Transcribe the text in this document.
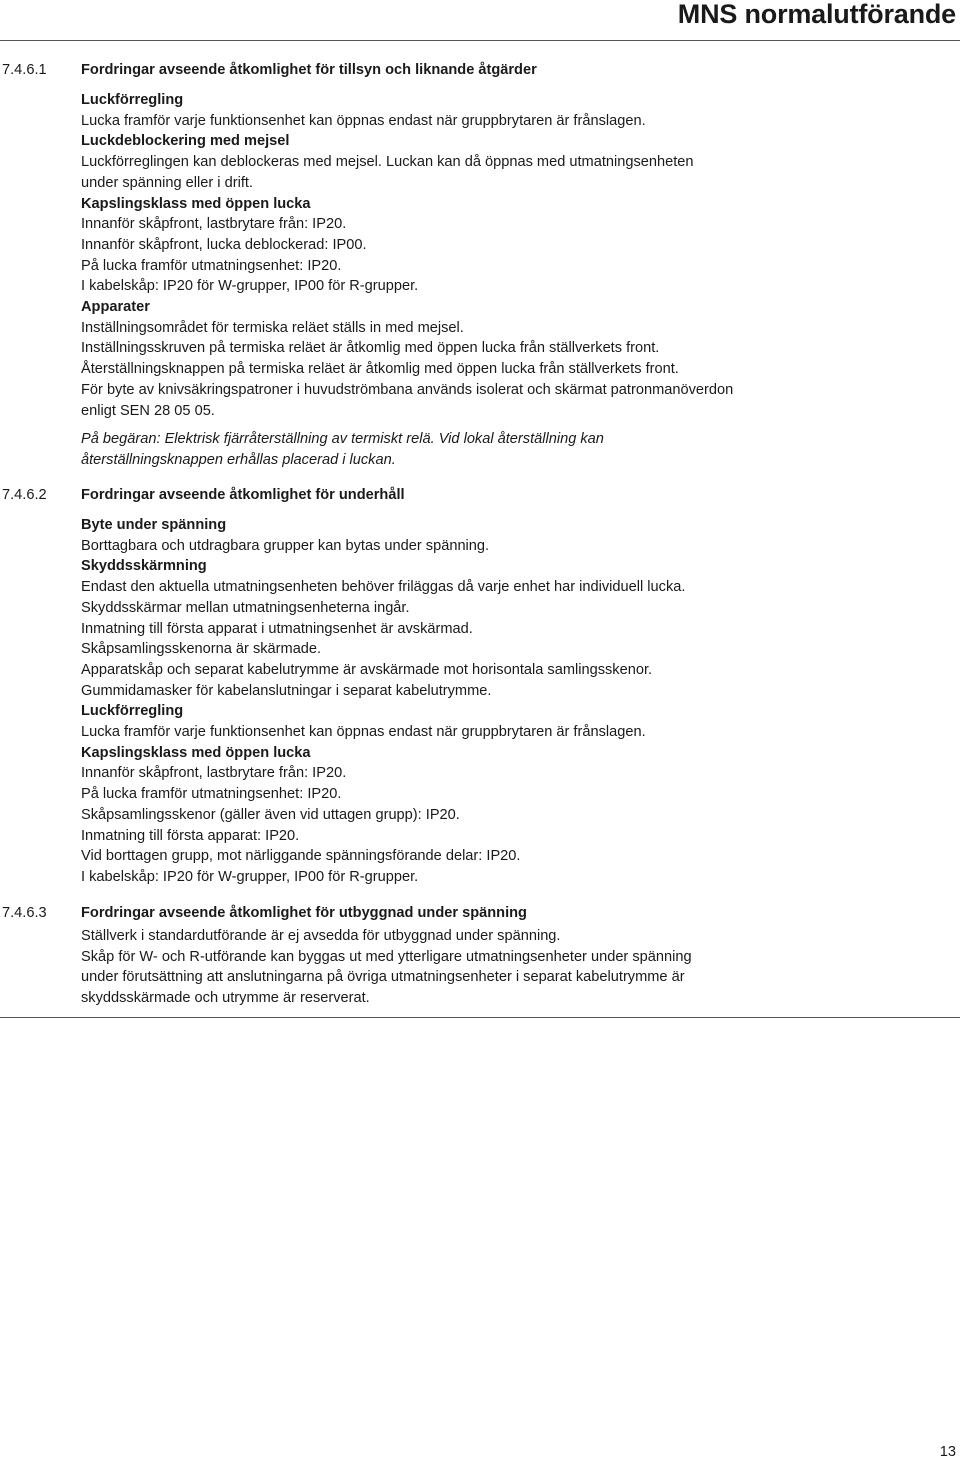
MNS normalutförande
7.4.6.1 Fordringar avseende åtkomlighet för tillsyn och liknande åtgärder
Luckförregling
Lucka framför varje funktionsenhet kan öppnas endast när gruppbrytaren är frånslagen.
Luckdeblockering med mejsel
Luckförreglingen kan deblockeras med mejsel. Luckan kan då öppnas med utmatningsenheten
under spänning eller i drift.
Kapslingsklass med öppen lucka
Innanför skåpfront, lastbrytare från: IP20.
Innanför skåpfront, lucka deblockerad: IP00.
På lucka framför utmatningsenhet: IP20.
I kabelskåp: IP20 för W-grupper, IP00 för R-grupper.
Apparater
Inställningsområdet för termiska reläet ställs in med mejsel.
Inställningsskruven på termiska reläet är åtkomlig med öppen lucka från ställverkets front.
Återställningsknappen på termiska reläet är åtkomlig med öppen lucka från ställverkets front.
För byte av knivsäkringspatroner i huvudströmbana används isolerat och skärmat patronmanöverdon
enligt SEN 28 05 05.
På begäran: Elektrisk fjärråterställning av termiskt relä. Vid lokal återställning kan
återställningsknappen erhållas placerad i luckan.
7.4.6.2 Fordringar avseende åtkomlighet för underhåll
Byte under spänning
Borttagbara och utdragbara grupper kan bytas under spänning.
Skyddsskärmning
Endast den aktuella utmatningsenheten behöver friläggas då varje enhet har individuell lucka.
Skyddsskärmar mellan utmatningsenheterna ingår.
Inmatning till första apparat i utmatningsenhet är avskärmad.
Skåpsamlingsskenorna är skärmade.
Apparatskåp och separat kabelutrymme är avskärmade mot horisontala samlingsskenor.
Gummidamasker för kabelanslutningar i separat kabelutrymme.
Luckförregling
Lucka framför varje funktionsenhet kan öppnas endast när gruppbrytaren är frånslagen.
Kapslingsklass med öppen lucka
Innanför skåpfront, lastbrytare från: IP20.
På lucka framför utmatningsenhet: IP20.
Skåpsamlingsskenor (gäller även vid uttagen grupp): IP20.
Inmatning till första apparat: IP20.
Vid borttagen grupp, mot närliggande spänningsförande delar: IP20.
I kabelskåp: IP20 för W-grupper, IP00 för R-grupper.
7.4.6.3 Fordringar avseende åtkomlighet för utbyggnad under spänning
Ställverk i standardutförande är ej avsedda för utbyggnad under spänning.
Skåp för W- och R-utförande kan byggas ut med ytterligare utmatningsenheter under spänning
under förutsättning att anslutningarna på övriga utmatningsenheter i separat kabelutrymme är
skyddsskärmade och utrymme är reserverat.
13
